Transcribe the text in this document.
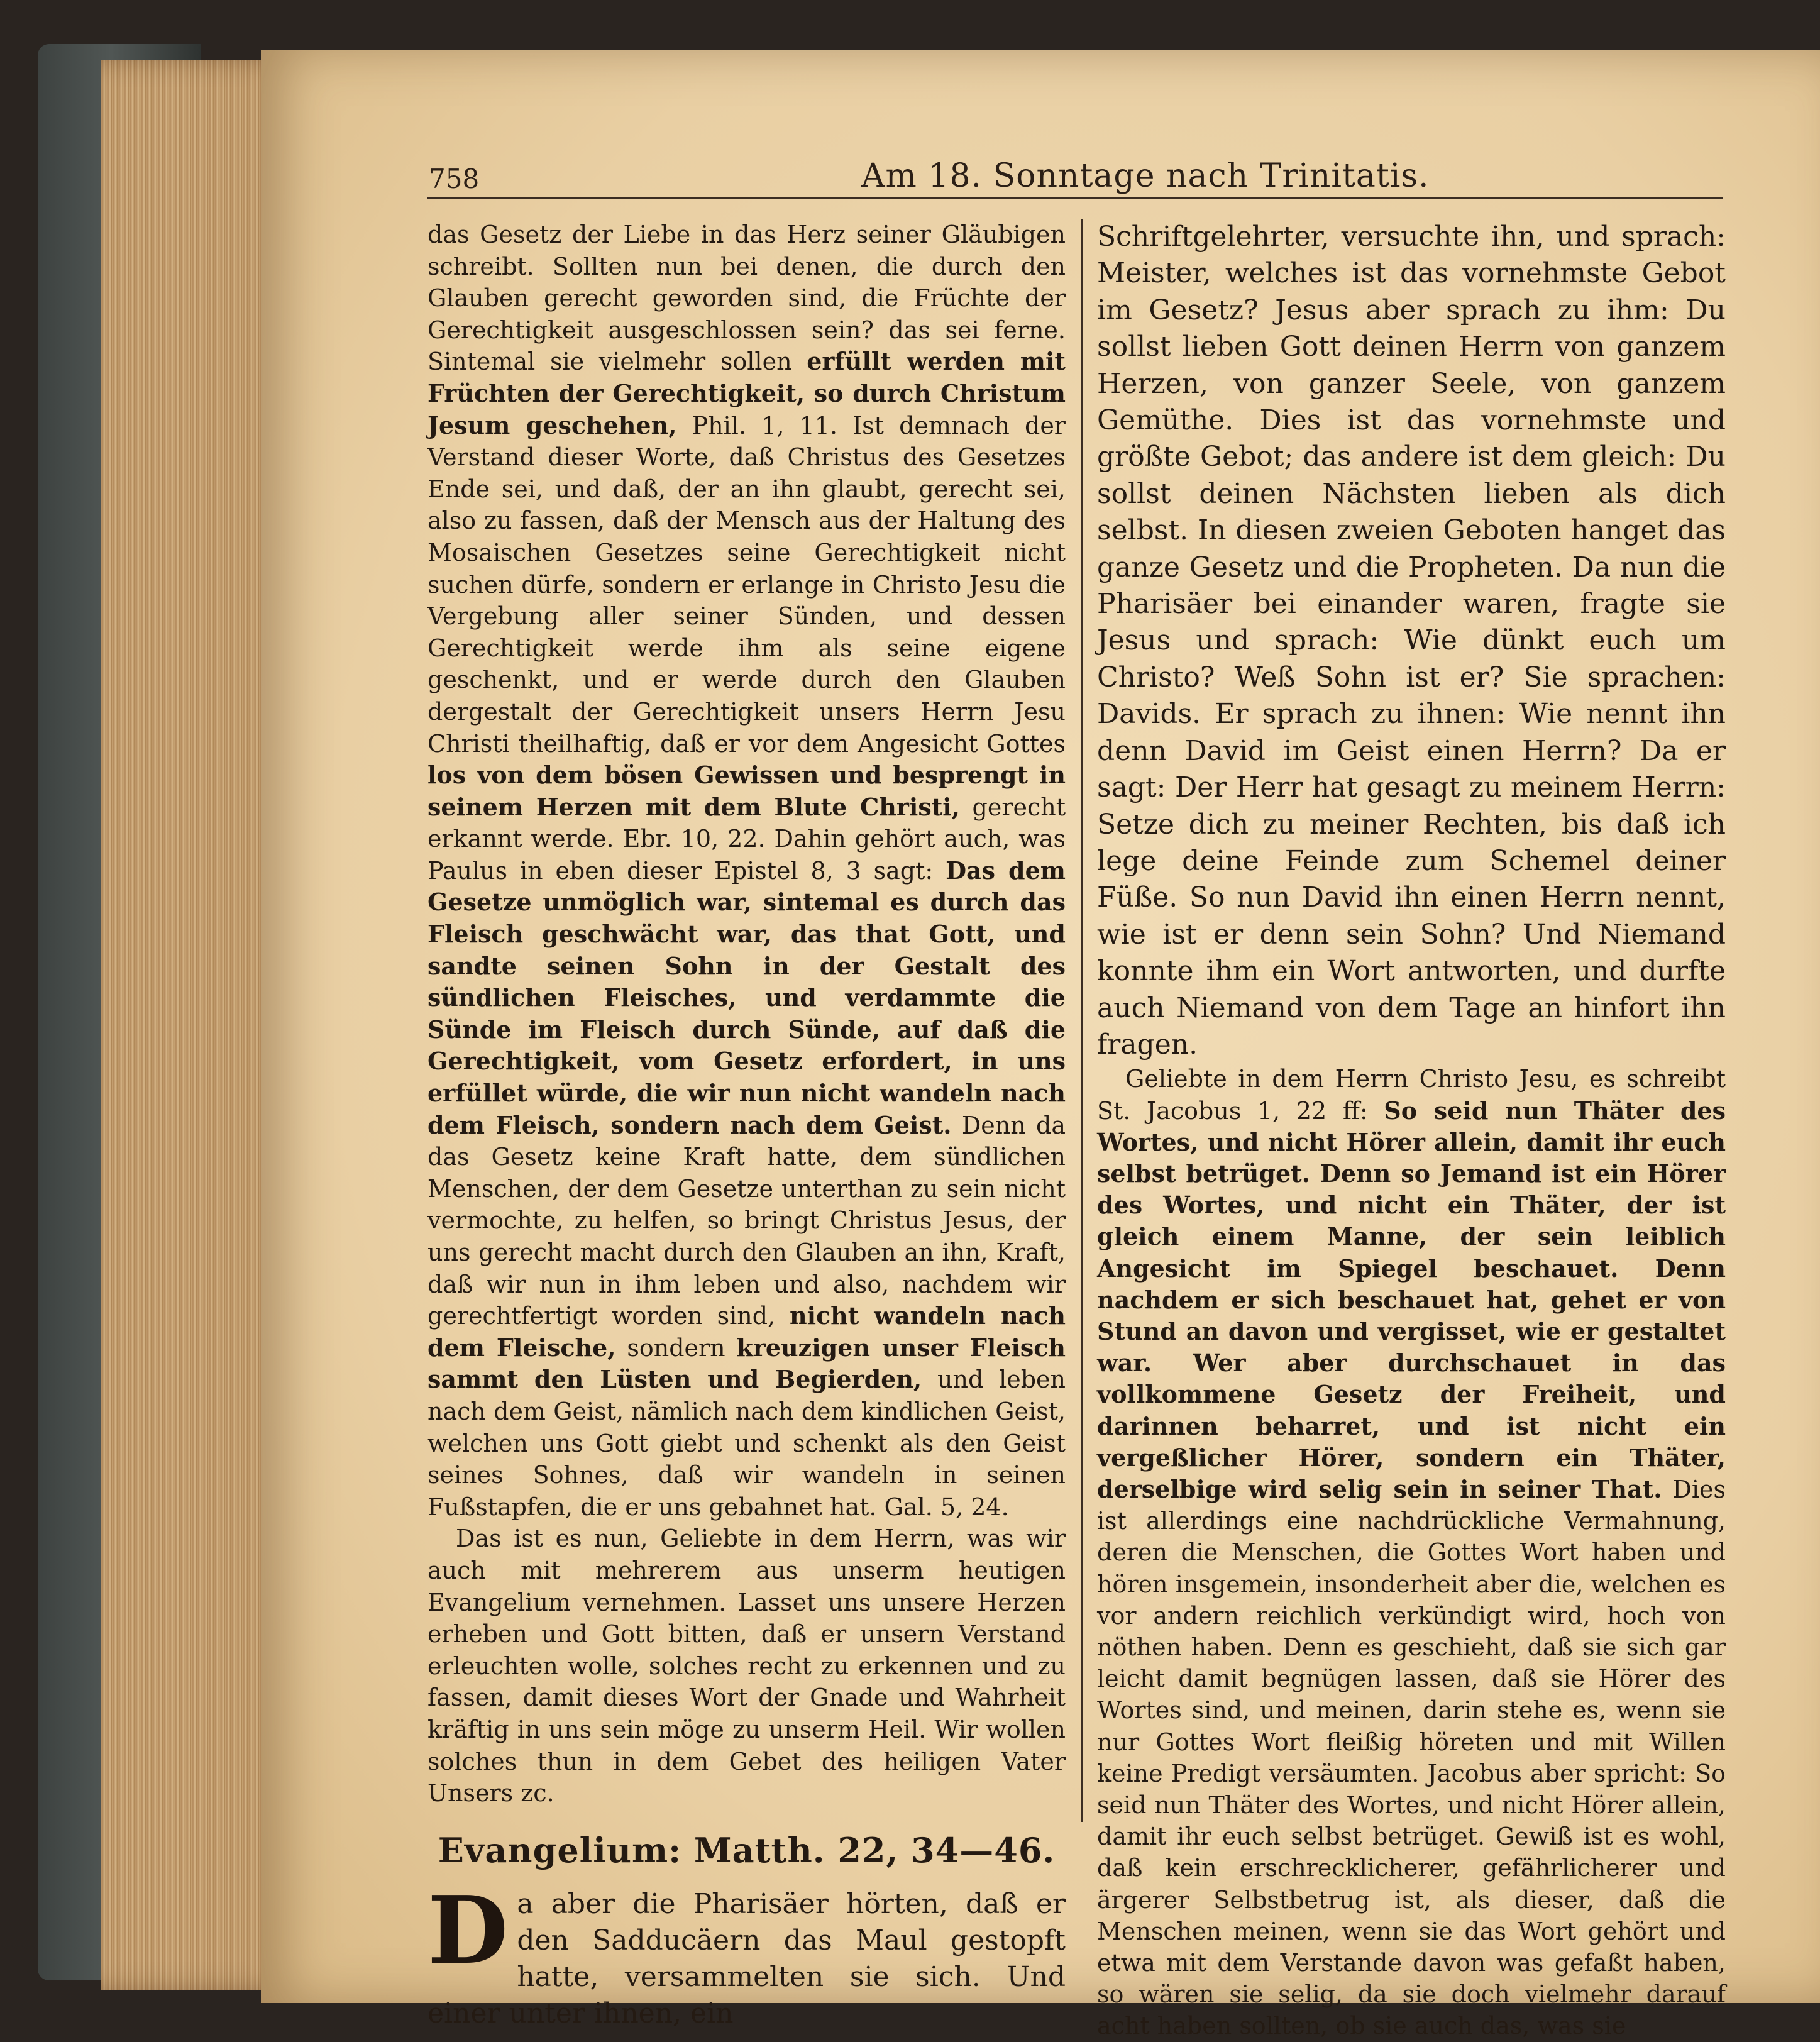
758	Am 18. Sonntage nach Trinitatis.

das Gesetz der Liebe in das Herz seiner Gläubigen schreibt. Sollten nun bei denen, die durch den Glauben gerecht geworden sind, die Früchte der Gerechtigkeit ausgeschlossen sein? das sei ferne. Sintemal sie vielmehr sollen erfüllt werden mit Früchten der Gerechtigkeit, so durch Christum Jesum geschehen, Phil. 1, 11. Ist demnach der Verstand dieser Worte, daß Christus des Gesetzes Ende sei, und daß, der an ihn glaubt, gerecht sei, also zu fassen, daß der Mensch aus der Haltung des Mosaischen Gesetzes seine Gerechtigkeit nicht suchen dürfe, sondern er erlange in Christo Jesu die Vergebung aller seiner Sünden, und dessen Gerechtigkeit werde ihm als seine eigene geschenkt, und er werde durch den Glauben dergestalt der Gerechtigkeit unsers Herrn Jesu Christi theilhaftig, daß er vor dem Angesicht Gottes los von dem bösen Gewissen und besprengt in seinem Herzen mit dem Blute Christi, gerecht erkannt werde. Ebr. 10, 22. Dahin gehört auch, was Paulus in eben dieser Epistel 8, 3 sagt: Das dem Gesetze unmöglich war, sintemal es durch das Fleisch geschwächt war, das that Gott, und sandte seinen Sohn in der Gestalt des sündlichen Fleisches, und verdammte die Sünde im Fleisch durch Sünde, auf daß die Gerechtigkeit, vom Gesetz erfordert, in uns erfüllet würde, die wir nun nicht wandeln nach dem Fleisch, sondern nach dem Geist. Denn da das Gesetz keine Kraft hatte, dem sündlichen Menschen, der dem Gesetze unterthan zu sein nicht vermochte, zu helfen, so bringt Christus Jesus, der uns gerecht macht durch den Glauben an ihn, Kraft, daß wir nun in ihm leben und also, nachdem wir gerechtfertigt worden sind, nicht wandeln nach dem Fleische, sondern kreuzigen unser Fleisch sammt den Lüsten und Begierden, und leben nach dem Geist, nämlich nach dem kindlichen Geist, welchen uns Gott giebt und schenkt als den Geist seines Sohnes, daß wir wandeln in seinen Fußstapfen, die er uns gebahnet hat. Gal. 5, 24.

Das ist es nun, Geliebte in dem Herrn, was wir auch mit mehrerem aus unserm heutigen Evangelium vernehmen. Lasset uns unsere Herzen erheben und Gott bitten, daß er unsern Verstand erleuchten wolle, solches recht zu erkennen und zu fassen, damit dieses Wort der Gnade und Wahrheit kräftig in uns sein möge zu unserm Heil. Wir wollen solches thun in dem Gebet des heiligen Vater Unsers zc.

Evangelium: Matth. 22, 34—46.

Da aber die Pharisäer hörten, daß er den Sadducäern das Maul gestopft hatte, versammelten sie sich. Und einer unter ihnen, ein

Schriftgelehrter, versuchte ihn, und sprach: Meister, welches ist das vornehmste Gebot im Gesetz? Jesus aber sprach zu ihm: Du sollst lieben Gott deinen Herrn von ganzem Herzen, von ganzer Seele, von ganzem Gemüthe. Dies ist das vornehmste und größte Gebot; das andere ist dem gleich: Du sollst deinen Nächsten lieben als dich selbst. In diesen zweien Geboten hanget das ganze Gesetz und die Propheten. Da nun die Pharisäer bei einander waren, fragte sie Jesus und sprach: Wie dünkt euch um Christo? Weß Sohn ist er? Sie sprachen: Davids. Er sprach zu ihnen: Wie nennt ihn denn David im Geist einen Herrn? Da er sagt: Der Herr hat gesagt zu meinem Herrn: Setze dich zu meiner Rechten, bis daß ich lege deine Feinde zum Schemel deiner Füße. So nun David ihn einen Herrn nennt, wie ist er denn sein Sohn? Und Niemand konnte ihm ein Wort antworten, und durfte auch Niemand von dem Tage an hinfort ihn fragen.

Geliebte in dem Herrn Christo Jesu, es schreibt St. Jacobus 1, 22 ff: So seid nun Thäter des Wortes, und nicht Hörer allein, damit ihr euch selbst betrüget. Denn so Jemand ist ein Hörer des Wortes, und nicht ein Thäter, der ist gleich einem Manne, der sein leiblich Angesicht im Spiegel beschauet. Denn nachdem er sich beschauet hat, gehet er von Stund an davon und vergisset, wie er gestaltet war. Wer aber durchschauet in das vollkommene Gesetz der Freiheit, und darinnen beharret, und ist nicht ein vergeßlicher Hörer, sondern ein Thäter, derselbige wird selig sein in seiner That. Dies ist allerdings eine nachdrückliche Vermahnung, deren die Menschen, die Gottes Wort haben und hören insgemein, insonderheit aber die, welchen es vor andern reichlich verkündigt wird, hoch von nöthen haben. Denn es geschieht, daß sie sich gar leicht damit begnügen lassen, daß sie Hörer des Wortes sind, und meinen, darin stehe es, wenn sie nur Gottes Wort fleißig höreten und mit Willen keine Predigt versäumten. Jacobus aber spricht: So seid nun Thäter des Wortes, und nicht Hörer allein, damit ihr euch selbst betrüget. Gewiß ist es wohl, daß kein erschrecklicherer, gefährlicherer und ärgerer Selbstbetrug ist, als dieser, daß die Menschen meinen, wenn sie das Wort gehört und etwa mit dem Verstande davon was gefaßt haben, so wären sie selig, da sie doch vielmehr darauf acht haben sollten, ob sie auch das, was sie
